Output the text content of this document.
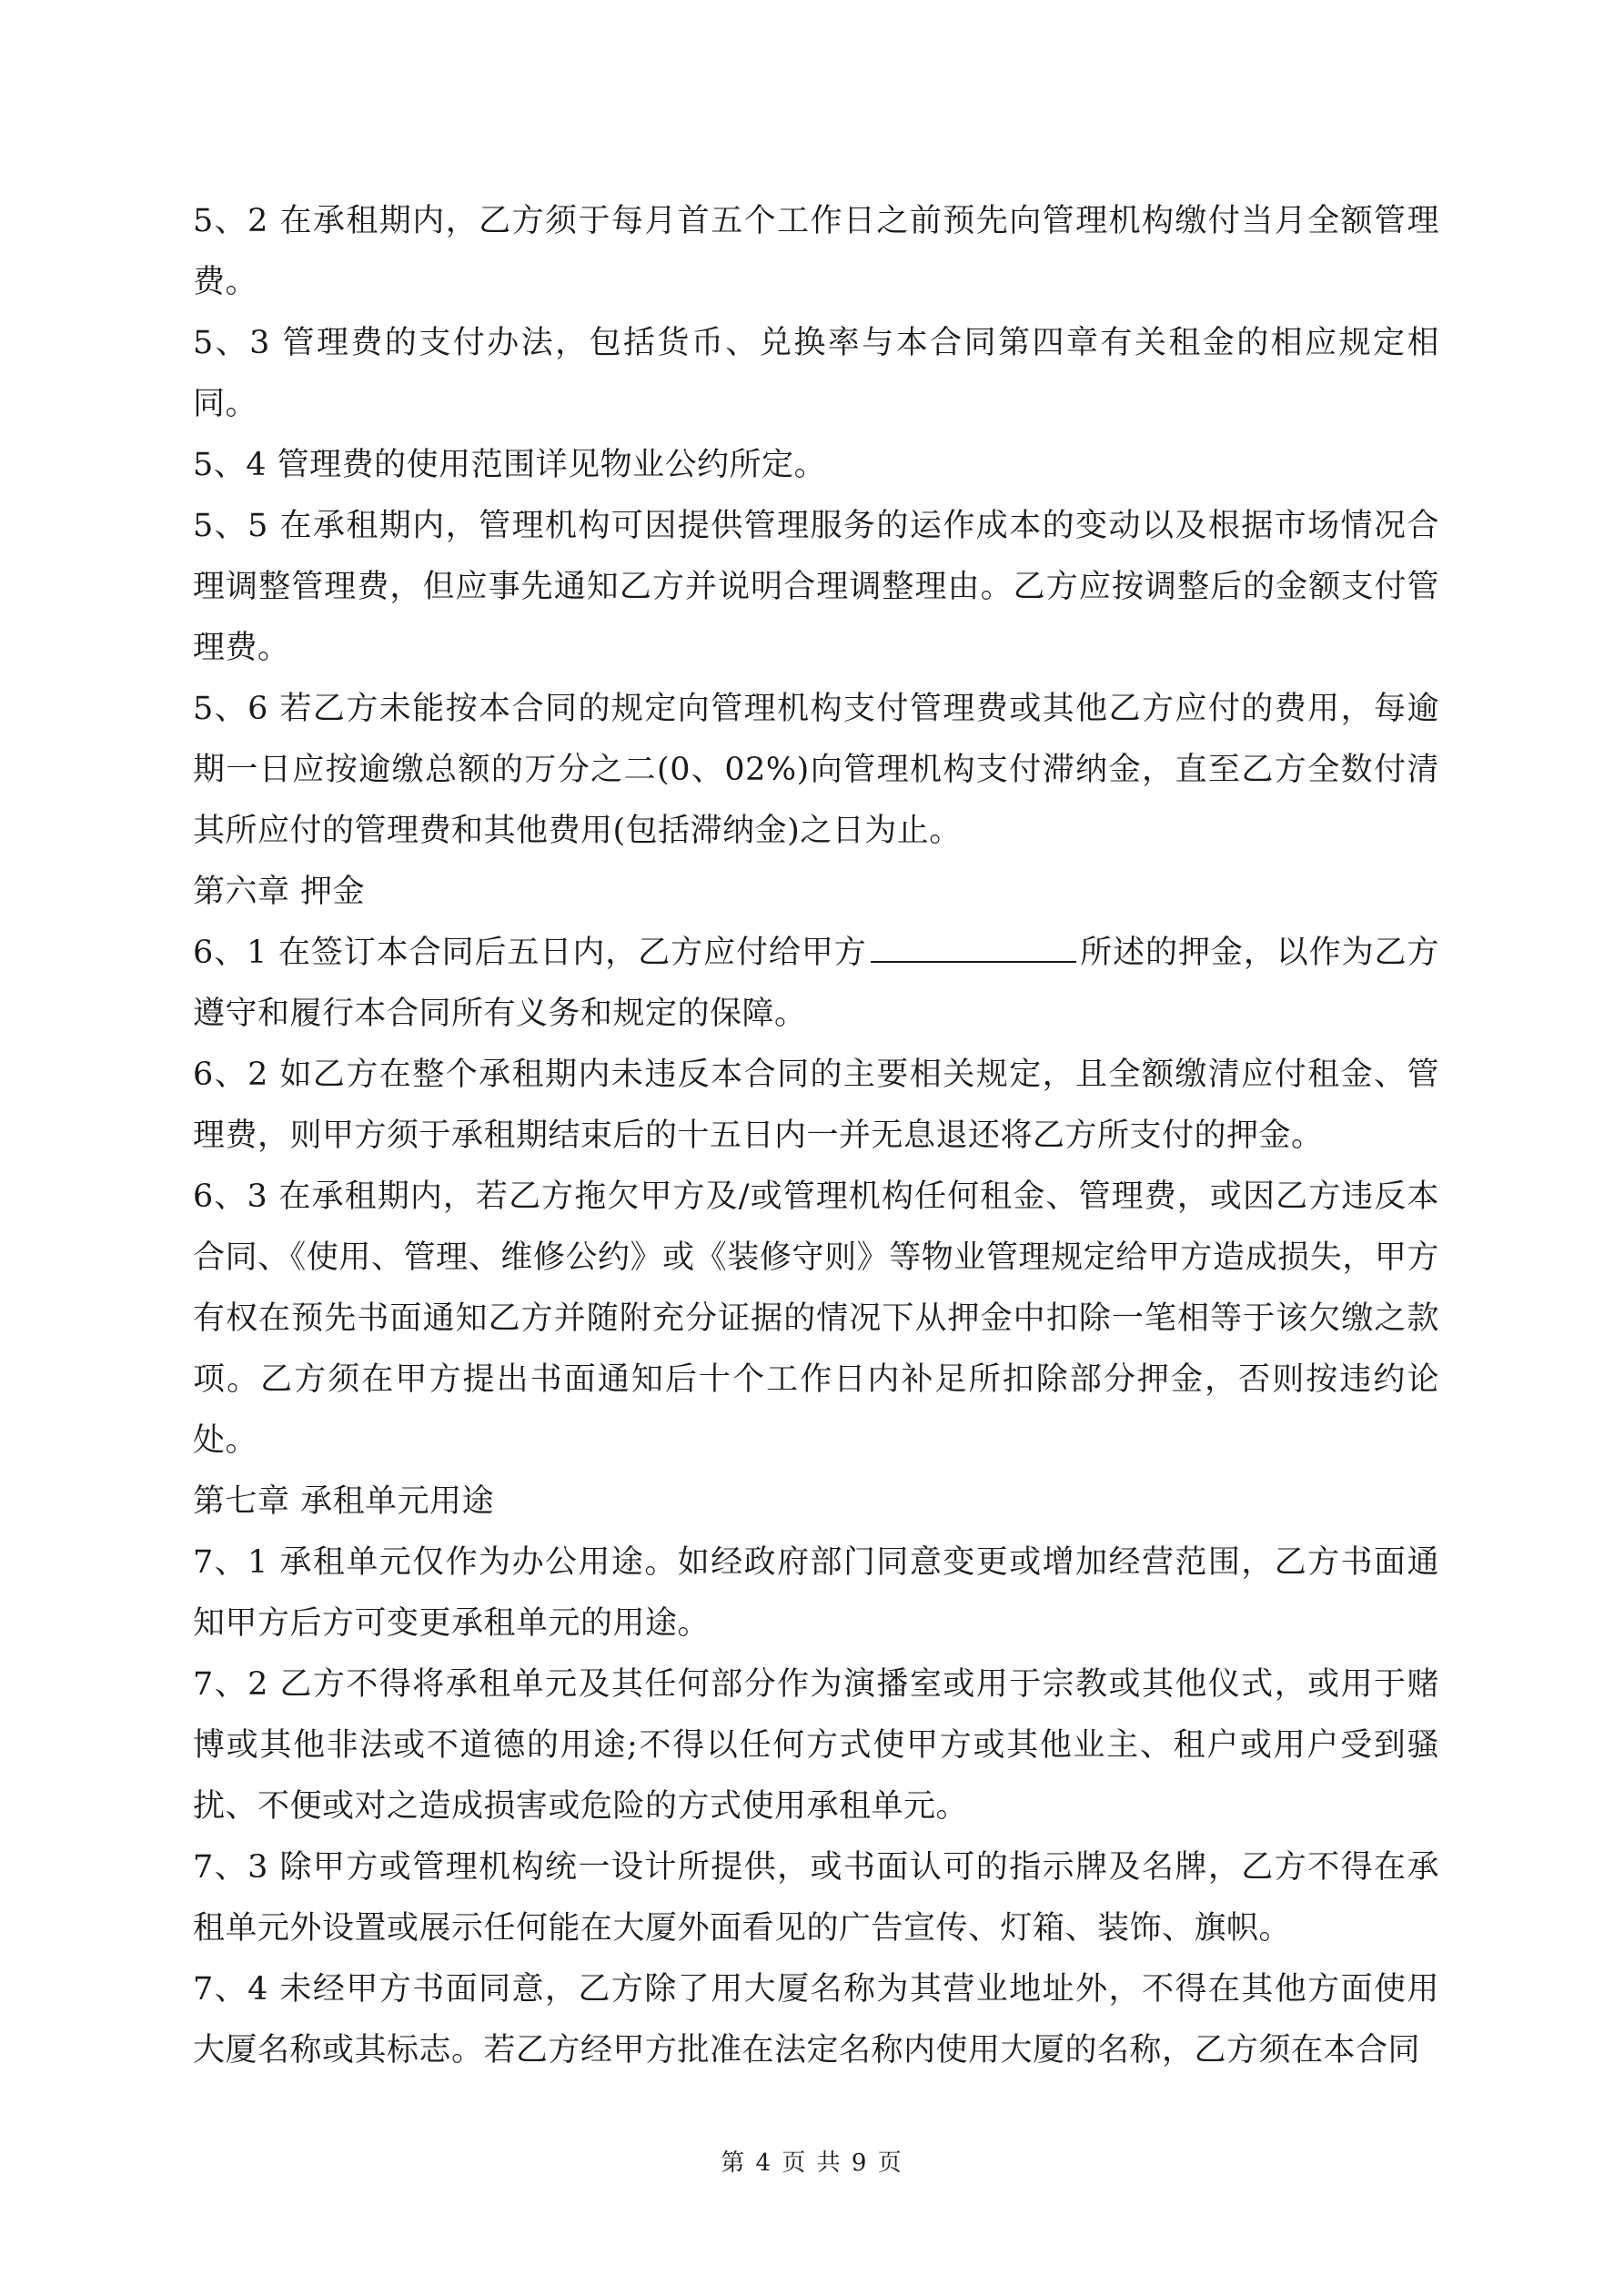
5、2 在承租期内，乙方须于每月首五个工作日之前预先向管理机构缴付当月全额管理费。

5、3 管理费的支付办法，包括货币、兑换率与本合同第四章有关租金的相应规定相同。

5、4 管理费的使用范围详见物业公约所定。

5、5 在承租期内，管理机构可因提供管理服务的运作成本的变动以及根据市场情况合理调整管理费，但应事先通知乙方并说明合理调整理由。乙方应按调整后的金额支付管理费。

5、6 若乙方未能按本合同的规定向管理机构支付管理费或其他乙方应付的费用，每逾期一日应按逾缴总额的万分之二(0、02%)向管理机构支付滞纳金，直至乙方全数付清其所应付的管理费和其他费用(包括滞纳金)之日为止。

第六章 押金

6、1 在签订本合同后五日内，乙方应付给甲方	所述的押金，以作为乙方遵守和履行本合同所有义务和规定的保障。

6、2 如乙方在整个承租期内未违反本合同的主要相关规定，且全额缴清应付租金、管理费，则甲方须于承租期结束后的十五日内一并无息退还将乙方所支付的押金。

6、3 在承租期内，若乙方拖欠甲方及/或管理机构任何租金、管理费，或因乙方违反本合同、《使用、管理、维修公约》或《装修守则》等物业管理规定给甲方造成损失，甲方有权在预先书面通知乙方并随附充分证据的情况下从押金中扣除一笔相等于该欠缴之款项。乙方须在甲方提出书面通知后十个工作日内补足所扣除部分押金，否则按违约论处。

第七章 承租单元用途

7、1 承租单元仅作为办公用途。如经政府部门同意变更或增加经营范围，乙方书面通知甲方后方可变更承租单元的用途。

7、2 乙方不得将承租单元及其任何部分作为演播室或用于宗教或其他仪式，或用于赌博或其他非法或不道德的用途;不得以任何方式使甲方或其他业主、租户或用户受到骚扰、不便或对之造成损害或危险的方式使用承租单元。

7、3 除甲方或管理机构统一设计所提供，或书面认可的指示牌及名牌，乙方不得在承租单元外设置或展示任何能在大厦外面看见的广告宣传、灯箱、装饰、旗帜。

7、4 未经甲方书面同意，乙方除了用大厦名称为其营业地址外，不得在其他方面使用大厦名称或其标志。若乙方经甲方批准在法定名称内使用大厦的名称，乙方须在本合同

第 4 页 共 9 页
